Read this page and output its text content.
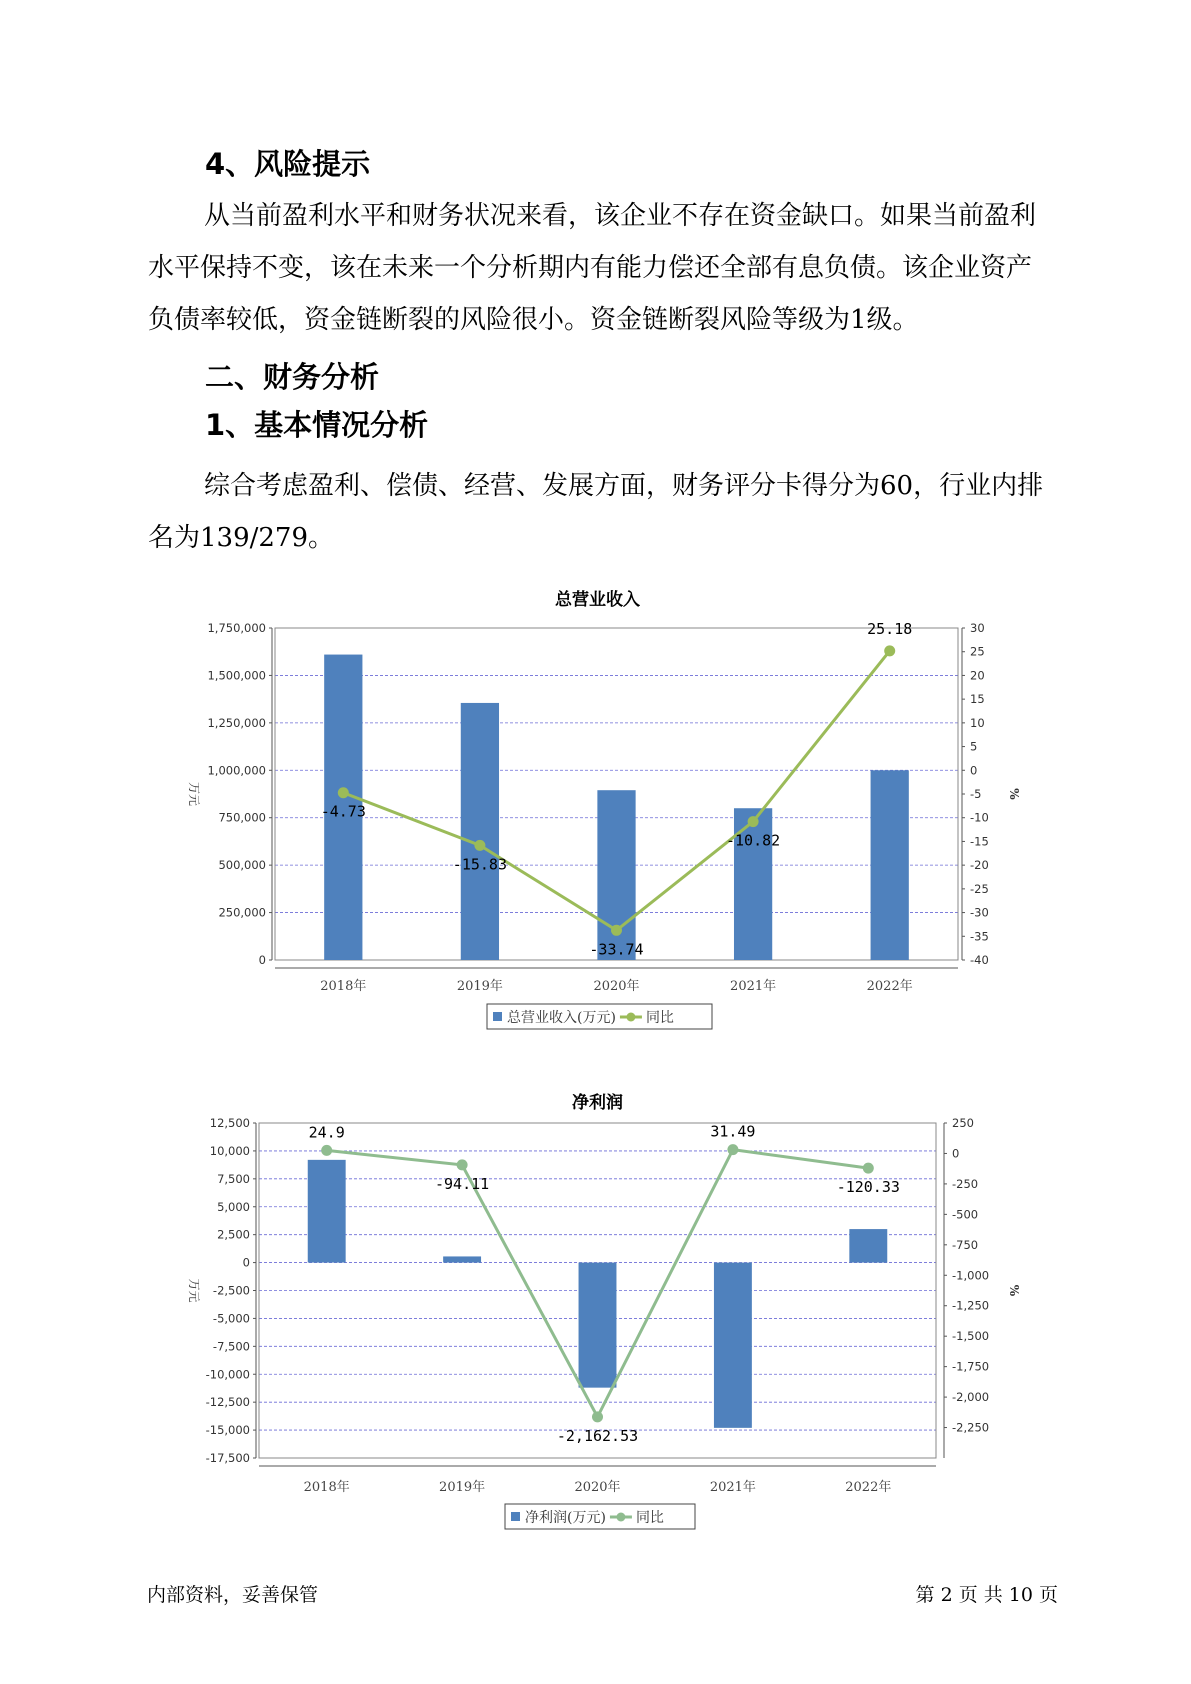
4、风险提示

从当前盈利水平和财务状况来看，该企业不存在资金缺口。如果当前盈利水平保持不变，该在未来一个分析期内有能力偿还全部有息负债。该企业资产负债率较低，资金链断裂的风险很小。资金链断裂风险等级为1级。

二、财务分析
1、基本情况分析

综合考虑盈利、偿债、经营、发展方面，财务评分卡得分为60，行业内排名为139/279。

总营业收入
净利润
0
250,000
500,000
750,000
1,000,000
1,250,000
1,500,000
1,750,000	30
25
20
15
10
5
0
-5
-10
-15
-20
-25
-30
-35
-40
万元	%
2018年	2019年	2020年	2021年	2022年
-4.73
-15.83
-33.74
-10.82
25.18
总营业收入(万元) 同比
12,500
10,000
7,500
5,000
2,500
0
-2,500
-5,000
-7,500
-10,000
-12,500
-15,000
-17,500
250
0
-250
-500
-750
-1,000
-1,250
-1,500
-1,750
-2,000
-2,250
万元	%
2018年	2019年	2020年	2021年	2022年
24.9
-94.11
-2,162.53
31.49
-120.33
净利润(万元) 同比
内部资料，妥善保管	第 2 页 共 10 页
